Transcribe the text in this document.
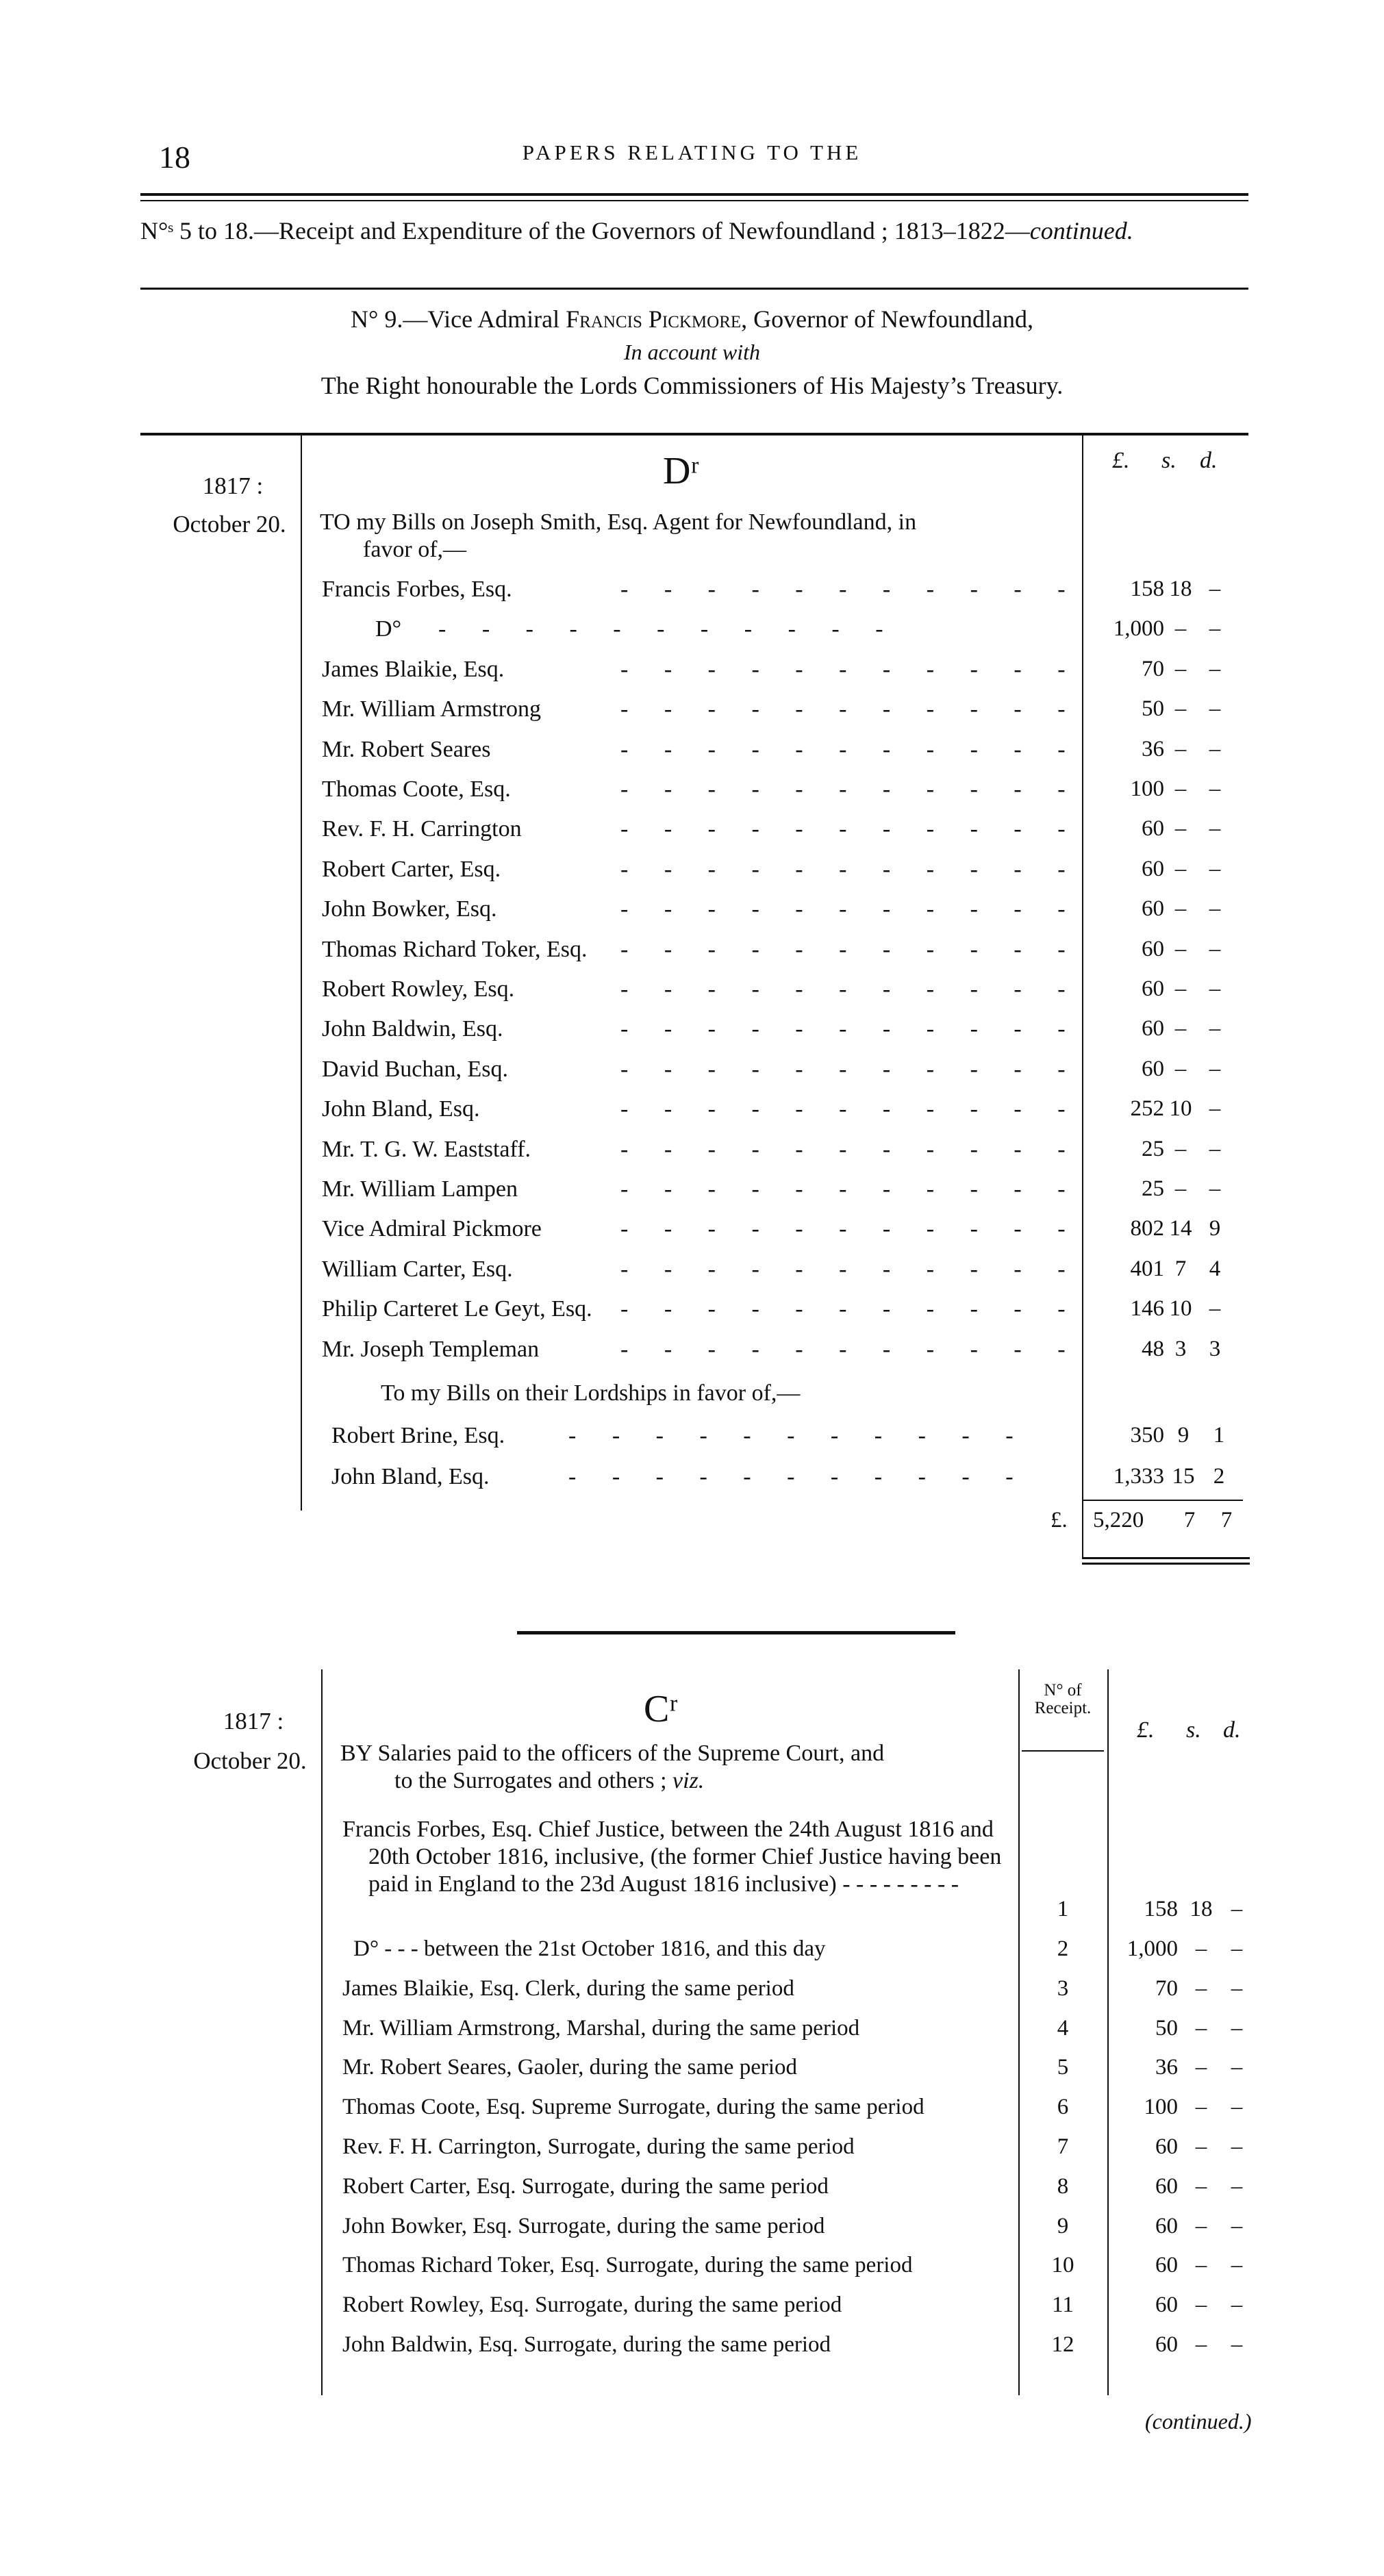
18	PAPERS RELATING TO THE
N°ˢ 5 to 18.—Receipt and Expenditure of the Governors of Newfoundland ; 1813–1822—continued.
N° 9.—Vice Admiral Francis Pickmore, Governor of Newfoundland,
In account with
The Right honourable the Lords Commissioners of His Majesty’s Treasury.
1817 :
October 20.
Dʳ	£. s. d.
TO my Bills on Joseph Smith, Esq. Agent for Newfoundland, in
favor of,—
Francis Forbes, Esq.	- - - - - - - - - - -	158 18 –
D° - - - - - - - - - - -	1,000 –	–
James Blaikie, Esq.	- - - - - - - - - - -	70 –	–
Mr. William Armstrong	- - - - - - - - - - -	50 –	–
Mr. Robert Seares	- - - - - - - - - - -	36 –	–
Thomas Coote, Esq.	- - - - - - - - - - -	100 –	–
Rev. F. H. Carrington	- - - - - - - - - - -	60 –	–
Robert Carter, Esq.	- - - - - - - - - - -	60 –	–
John Bowker, Esq.	- - - - - - - - - - -	60 –	–
Thomas Richard Toker, Esq. - - - - - - - - - - -	60 –	–
Robert Rowley, Esq.	- - - - - - - - - - -	60 –	–
John Baldwin, Esq.	- - - - - - - - - - -	60 –	–
David Buchan, Esq.	- - - - - - - - - - -	60 –	–
John Bland, Esq.	- - - - - - - - - - -	252 10 –
Mr. T. G. W. Eaststaff.	- - - - - - - - - - -	25 –	–
Mr. William Lampen	- - - - - - - - - - -	25 –	–
Vice Admiral Pickmore	- - - - - - - - - - -	802 14 9
William Carter, Esq.	- - - - - - - - - - -	401 7	4
Philip Carteret Le Geyt, Esq. - - - - - - - - - - -	146 10 –
Mr. Joseph Templeman	- - - - - - - - - - -	48 3	3
To my Bills on their Lordships in favor of,—
Robert Brine, Esq.	- - - - - - - - - - -	350 9	1
John Bland, Esq.	- - - - - - - - - - -	1,333 15 2
£. 5,220 7 7
1817 :
October 20.
Cʳ	N° of Receipt.
£. s. d.
BY Salaries paid to the officers of the Supreme Court, and
to the Surrogates and others ; viz.
Francis Forbes, Esq. Chief Justice, between the 24th August 1816 and 20th October 1816, inclusive, (the former Chief Justice having been paid in England to the 23d August 1816 inclusive) - - - - - - - - -
1	158 18 –
D° - - - between the 21st October 1816, and this day	2	1,000 –	–
James Blaikie, Esq. Clerk, during the same period	3	70 –	–
Mr. William Armstrong, Marshal, during the same period	4	50 –	–
Mr. Robert Seares, Gaoler, during the same period	5	36 –	–
Thomas Coote, Esq. Supreme Surrogate, during the same period	6	100 –	–
Rev. F. H. Carrington, Surrogate, during the same period	7	60 –	–
Robert Carter, Esq. Surrogate, during the same period	8	60 –	–
John Bowker, Esq. Surrogate, during the same period	9	60 –	–
Thomas Richard Toker, Esq. Surrogate, during the same period	10	60 –	–
Robert Rowley, Esq. Surrogate, during the same period	11	60 –	–
John Baldwin, Esq. Surrogate, during the same period	12	60 –	–
(continued.)
